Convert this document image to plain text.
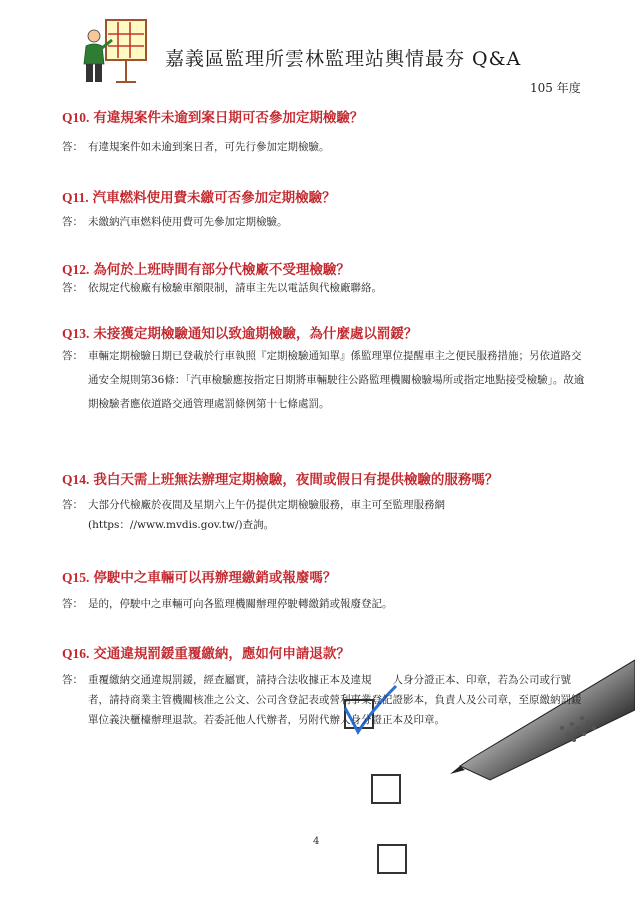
嘉義區監理所雲林監理站輿情最夯 Q&A
105 年度
Q10. 有違規案件未逾到案日期可否參加定期檢驗？
答： 有違規案件如未逾到案日者，可先行參加定期檢驗。
Q11. 汽車燃料使用費未繳可否參加定期檢驗？
答： 未繳納汽車燃料使用費可先參加定期檢驗。
Q12. 為何於上班時間有部分代檢廠不受理檢驗？
答： 依規定代檢廠有檢驗車額限制，請車主先以電話與代檢廠聯絡。
Q13. 未接獲定期檢驗通知以致逾期檢驗，為什麼處以罰鍰？
答： 車輛定期檢驗日期已登載於行車執照『定期檢驗通知單』係監理單位提醒車主之便民服務措施；另依道路交通安全規則第36條：「汽車檢驗應按指定日期將車輛駛往公路監理機關檢驗場所或指定地點接受檢驗」。故逾期檢驗者應依道路交通管理處罰條例第十七條處罰。
Q14. 我白天需上班無法辦理定期檢驗，夜間或假日有提供檢驗的服務嗎？
答： 大部分代檢廠於夜間及星期六上午仍提供定期檢驗服務，車主可至監理服務網(https：//www.mvdis.gov.tw/)查詢。
Q15. 停駛中之車輛可以再辦理繳銷或報廢嗎？
答： 是的，停駛中之車輛可向各監理機關辦理停駛轉繳銷或報廢登記。
Q16. 交通違規罰鍰重覆繳納，應如何申請退款？
答： 重覆繳納交通違規罰鍰，經查屬實，請持合法收據正本及違規　　人身分證正本、印章，若為公司或行號者，請持商業主管機關核准之公文、公司含登記表或營利事業登記證影本，負責人及公司章，至原繳納罰鍰單位義決櫃檯辦理退款。若委託他人代辦者，另附代辦人身分證正本及印章。
4
